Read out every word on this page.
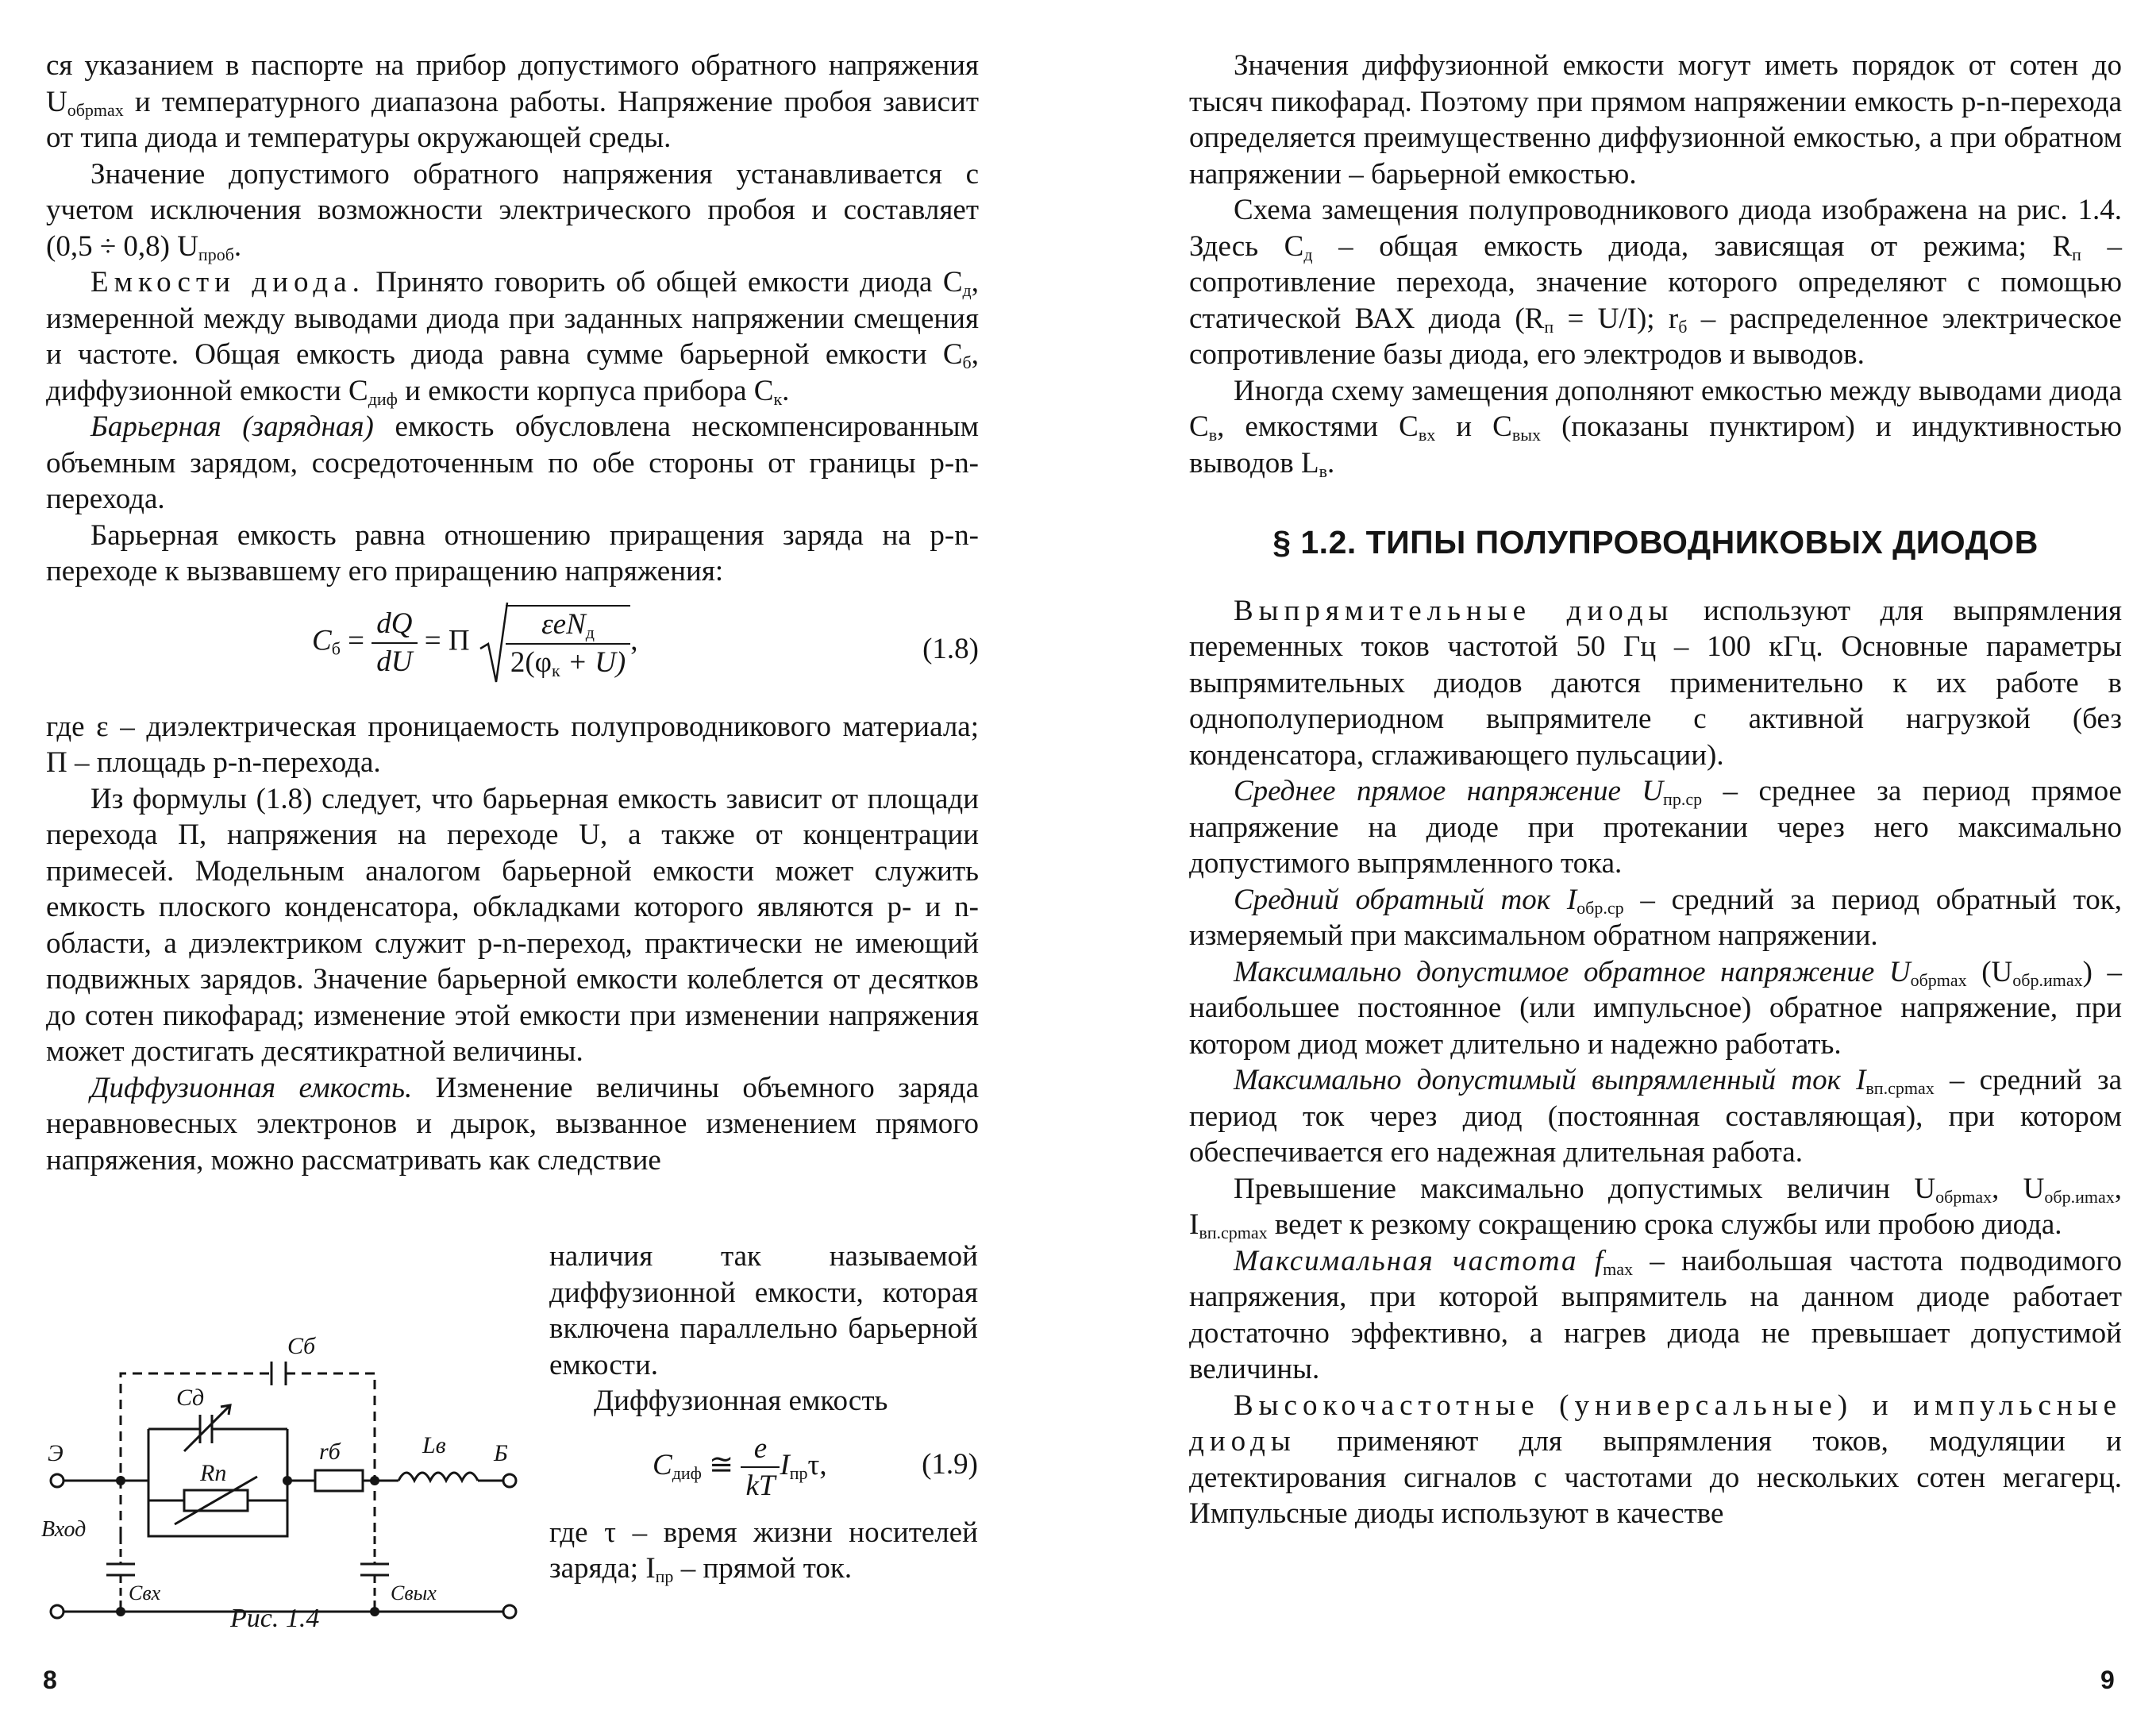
ся указанием в паспорте на прибор допустимого обратного напряжения $U_{обрmax}$ и температурного диапазона работы. Напряжение пробоя зависит от типа диода и температуры окружающей среды.

Значение допустимого обратного напряжения устанавливается с учетом исключения возможности электрического пробоя и составляет (0,5 ÷ 0,8) $U_{проб}$.

Емкости диода. Принято говорить об общей емкости диода $C_д$, измеренной между выводами диода при заданных напряжении смещения и частоте. Общая емкость диода равна сумме барьерной емкости $C_б$, диффузионной емкости $C_{диф}$ и емкости корпуса прибора $C_к$.

Барьерная (зарядная) емкость обусловлена нескомпенсированным объемным зарядом, сосредоточенным по обе стороны от границы p-n-перехода.

Барьерная емкость равна отношению приращения заряда на p-n-переходе к вызвавшему его приращению напряжения:

$C_б = \frac{dQ}{dU} = П \frac{\varepsilon eN_д}{2(\varphi_к + U)}$ ,	(1.8)

где ε – диэлектрическая проницаемость полупроводникового материала; П – площадь p-n-перехода.

Из формулы (1.8) следует, что барьерная емкость зависит от площади перехода П, напряжения на переходе U, а также от концентрации примесей. Модельным аналогом барьерной емкости может служить емкость плоского конденсатора, обкладками которого являются p- и n-области, а диэлектриком служит p-n-переход, практически не имеющий подвижных зарядов. Значение барьерной емкости колеблется от десятков до сотен пикофарад; изменение этой емкости при изменении напряжения может достигать десятикратной величины.

Диффузионная емкость. Изменение величины объемного заряда неравновесных электронов и дырок, вызванное изменением прямого напряжения, можно рассматривать как следствие

наличия так называемой диффузионной емкости, которая включена параллельно барьерной емкости.

Диффузионная емкость

$C_{диф}$ ≅ $\frac{e}{kT} I_{пр}\tau$,	(1.9)

где τ – время жизни носителей заряда; $I_{пр}$ – прямой ток.

Cб
Cд
rб	Lв
Rп
Э	Б
Вход
Cвх	Cвых
Рис. 1.4
8

Значения диффузионной емкости могут иметь порядок от сотен до тысяч пикофарад. Поэтому при прямом напряжении емкость p-n-перехода определяется преимущественно диффузионной емкостью, а при обратном напряжении – барьерной емкостью.

Схема замещения полупроводникового диода изображена на рис. 1.4. Здесь $C_д$ – общая емкость диода, зависящая от режима; $R_п$ – сопротивление перехода, значение которого определяют с помощью статической ВАХ диода $(R_п = U/I)$; $r_б$ – распределенное электрическое сопротивление базы диода, его электродов и выводов.

Иногда схему замещения дополняют емкостью между выводами диода $C_в$, емкостями $C_{вх}$ и $C_{вых}$ (показаны пунктиром) и индуктивностью выводов $L_в$.

§ 1.2. ТИПЫ ПОЛУПРОВОДНИКОВЫХ ДИОДОВ

Выпрямительные диоды используют для выпрямления переменных токов частотой 50 Гц – 100 кГц. Основные параметры выпрямительных диодов даются применительно к их работе в однополупериодном выпрямителе с активной нагрузкой (без конденсатора, сглаживающего пульсации).

Среднее прямое напряжение $U_{пр.ср}$ – среднее за период прямое напряжение на диоде при протекании через него максимально допустимого выпрямленного тока.

Средний обратный ток $I_{обр.ср}$ – средний за период обратный ток, измеряемый при максимальном обратном напряжении.

Максимально допустимое обратное напряжение $U_{обрmax}$ $(U_{обр.иmax})$ – наибольшее постоянное (или импульсное) обратное напряжение, при котором диод может длительно и надежно работать.

Максимально допустимый выпрямленный ток $I_{вп.срmax}$ – средний за период ток через диод (постоянная составляющая), при котором обеспечивается его надежная длительная работа.

Превышение максимально допустимых величин $U_{обрmax}$, $U_{обр.иmax}$, $I_{вп.срmax}$ ведет к резкому сокращению срока службы или пробою диода.

Максимальная частота $f_{max}$ – наибольшая частота подводимого напряжения, при которой выпрямитель на данном диоде работает достаточно эффективно, а нагрев диода не превышает допустимой величины.

Высокочастотные (универсальные) и импульсные диоды применяют для выпрямления токов, модуляции и детектирования сигналов с частотами до нескольких сотен мегагерц. Импульсные диоды используют в качестве

9
